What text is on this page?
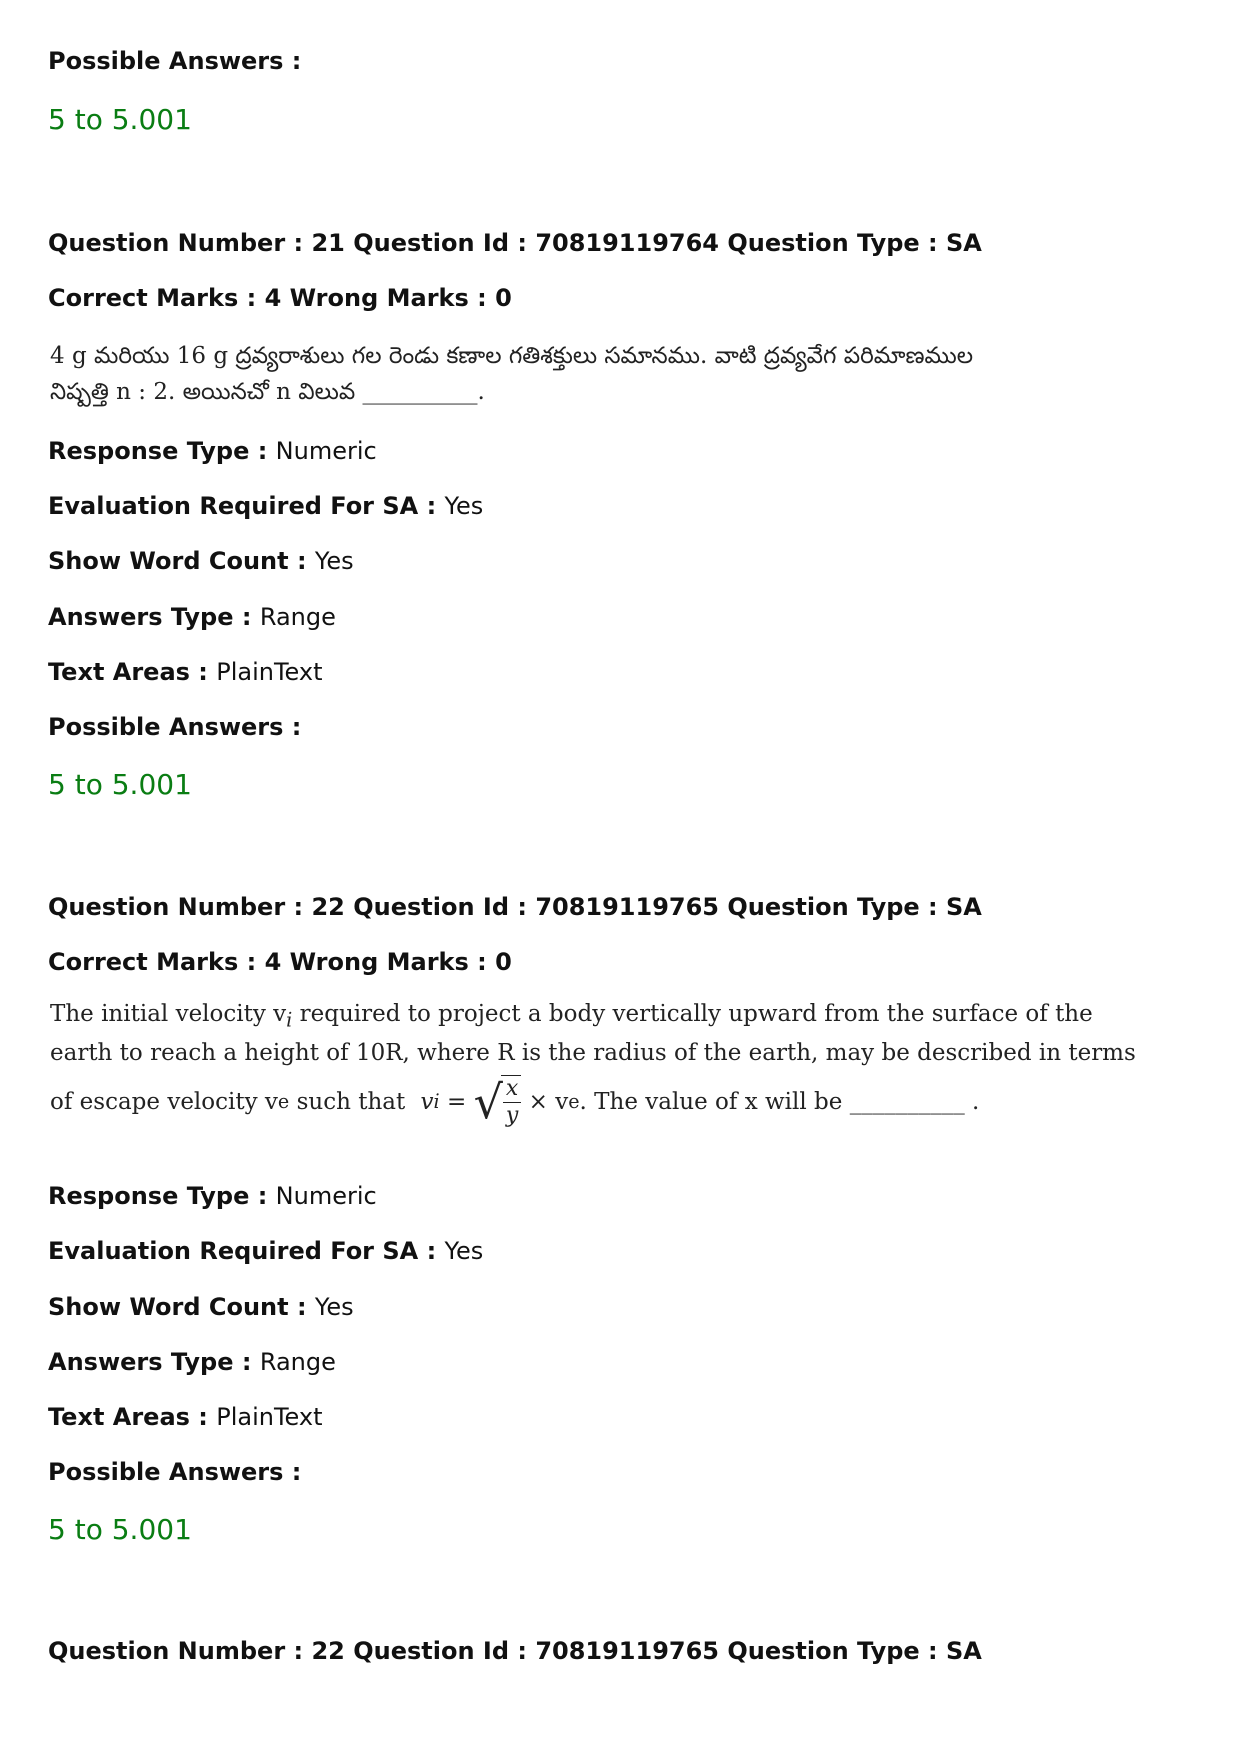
Possible Answers :
5 to 5.001
Question Number : 21 Question Id : 70819119764 Question Type : SA
Correct Marks : 4 Wrong Marks : 0
4 g మరియు 16 g ద్రవ్యరాశులు గల రెండు కణాల గతిశక్తులు సమానము. వాటి ద్రవ్యవేగ పరిమాణముల
నిష్పత్తి n : 2. అయినచో n విలువ __________.
Response Type : Numeric
Evaluation Required For SA : Yes
Show Word Count : Yes
Answers Type : Range
Text Areas : PlainText
Possible Answers :
5 to 5.001
Question Number : 22 Question Id : 70819119765 Question Type : SA
Correct Marks : 4 Wrong Marks : 0
The initial velocity $v_i$ required to project a body vertically upward from the surface of the
earth to reach a height of 10R, where R is the radius of the earth, may be described in terms
of escape velocity v e such that v i = √ $\frac{x}{y} \times v$ e . The value of x will be __________ .
Response Type : Numeric
Evaluation Required For SA : Yes
Show Word Count : Yes
Answers Type : Range
Text Areas : PlainText
Possible Answers :
5 to 5.001
Question Number : 22 Question Id : 70819119765 Question Type : SA
